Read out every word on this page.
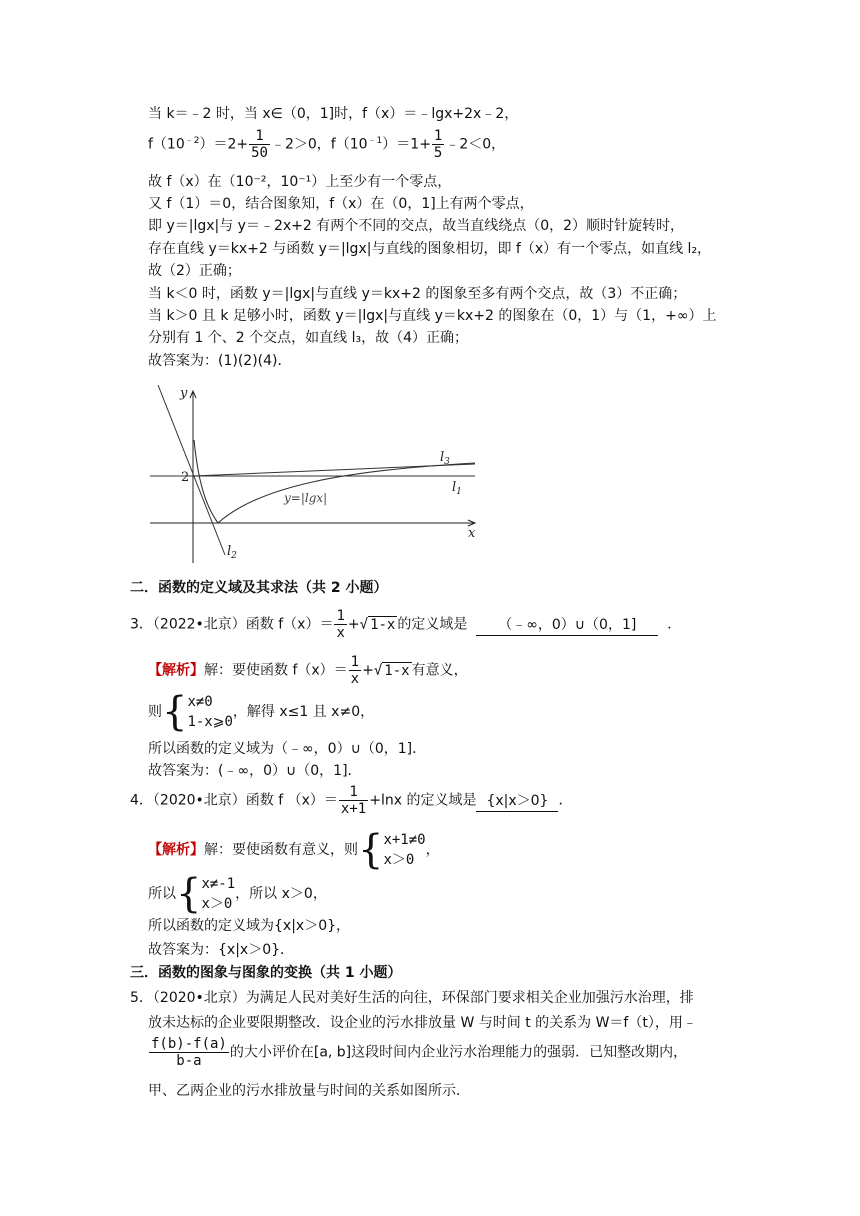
当 k＝﹣2 时，当 x∈（0，1]时，f（x）＝﹣lgx+2x﹣2，
$f(10^{﹣2})=2+ \frac{1}{50}$ ﹣2＞0，$f(10^{﹣1})=1+ \frac{1}{5}$ ﹣2＜0，
故 f（x）在（10⁻²，10⁻¹）上至少有一个零点，
又 f（1）＝0，结合图象知，f（x）在（0，1]上有两个零点，
即 y＝|lgx|与 y＝﹣2x+2 有两个不同的交点，故当直线绕点（0，2）顺时针旋转时，
存在直线 y＝kx+2 与函数 y＝|lgx|与直线的图象相切，即 f（x）有一个零点，如直线 l₂，
故（2）正确；
当 k＜0 时，函数 y＝|lgx|与直线 y＝kx+2 的图象至多有两个交点，故（3）不正确；
当 k＞0 且 k 足够小时，函数 y＝|lgx|与直线 y＝kx+2 的图象在（0，1）与（1，+∞）上
分别有 1 个、2 个交点，如直线 l₃，故（4）正确；
故答案为：(1)(2)(4)．
y
x
2
y=|lgx|
$l_1$
$l_2$
$l_3$
二．函数的定义域及其求法（共 2 小题）
3．（2022•北京）函数 $f(x)= \frac{1}{x}$ +√ 1-x 的定义域是 （﹣∞，0）∪（0，1] ．
【解析】解：要使函数 $f(x)= \frac{1}{x}$ +√ 1-x 有意义，
则 { x≠0
1-x⩾0
，解得 x≤1 且 x≠0，
所以函数的定义域为（﹣∞，0）∪（0，1]．
故答案为：(﹣∞，0）∪（0，1]．
4．（2020•北京）函数 f $(x)= \frac{1}{x+1} +\ln x$ 的定义域是 {x|x＞0} ．
【解析】解：要使函数有意义，则 { x+1≠0
x＞0
，
所以 { x≠-1
x＞0
，所以 x＞0，
所以函数的定义域为{x|x＞0}，
故答案为：{x|x＞0}．
三．函数的图象与图象的变换（共 1 小题）
5．（2020•北京）为满足人民对美好生活的向往，环保部门要求相关企业加强污水治理，排
放未达标的企业要限期整改．设企业的污水排放量 W 与时间 t 的关系为 W＝f（t），用﹣
$\frac{f(b)-f(a)}{b-a}$ 的大小评价在[a, b]这段时间内企业污水治理能力的强弱．已知整改期内，
甲、乙两企业的污水排放量与时间的关系如图所示．
